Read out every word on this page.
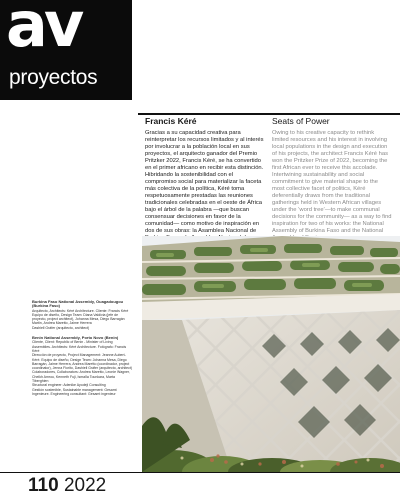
av
proyectos
Francis Kéré

Gracias a su capacidad creativa para reinterpretar los recursos limitados y al interés por involucrar a la población local en sus proyectos, el arquitecto ganador del Premio Pritzker 2022, Francis Kéré, se ha convertido en el primer africano en recibir esta distinción. Hibridando la sostenibilidad con el compromiso social para materializar la faceta más colectiva de la política, Kéré toma respetuosamente prestadas las reuniones tradicionales celebradas en el oeste de África bajo el árbol de la palabra —que buscan consensuar decisiones en favor de la comunidad— como motivo de inspiración en dos de sus obras: la Asamblea Nacional de

Seats of Power

Owing to his creative capacity to rethink limited resources and his interest in involving local populations in the design and execution of his projects, the architect Francis Kéré has won the Pritzker Prize of 2022, becoming the first African ever to receive this accolade. Intertwining sustainability and social commitment to give material shape to the most collective facet of politics, Kéré deferentially draws from the traditional gatherings held in Western African villages under the ‘word tree’—to make communal decisions for the community— as a way to find inspiration for two of his works: the National Assembly of Burkina Faso and the National

Burkina Faso National Assembly, Ouagadougou (Burkina Faso)
Arquitecto, Architects: Kéré Architecture. Cliente: Francis Kéré
Equipo de diseño, Design Team: Diana Valdivia (jefe de proyecto, project architect), Johanna Mesa, Diego Barragán Martin, Andrea Maretto, Jaime Herrera
Dashiell Gráfer (arquitecto, architect)
Benin National Assembly, Porto Novo (Benin)
Cliente, Client: Republic of Benin - Minister of Living Assemblies. Architects: Kéré Architecture. Fotógrafo: Francis Kéré
Dirección de proyecto, Project Management: Jeanne Aubert-Kéré. Equipo de diseño, Design Team: Johanna Mesa, Diego Barragán, Jaime Herrera, Andrea Maretto (coordinador, project coordinator), Jenna Fiorito, Dashiell Gráfer (arquitecto, architect)
Colaboradores, Collaborators: Andrea Maretto, Leonie Wagner, Cheikh Amrou, Kenneth Fuji, Ismaïla Tounkara, Marta Tiberghien
Structural engineer: Adenike Ayodeji Consulting
Gestión sostenible, Sustainable management: Gesamt Ingenieure. Engineering consultant: Gesamt ingenieur
110 2022
